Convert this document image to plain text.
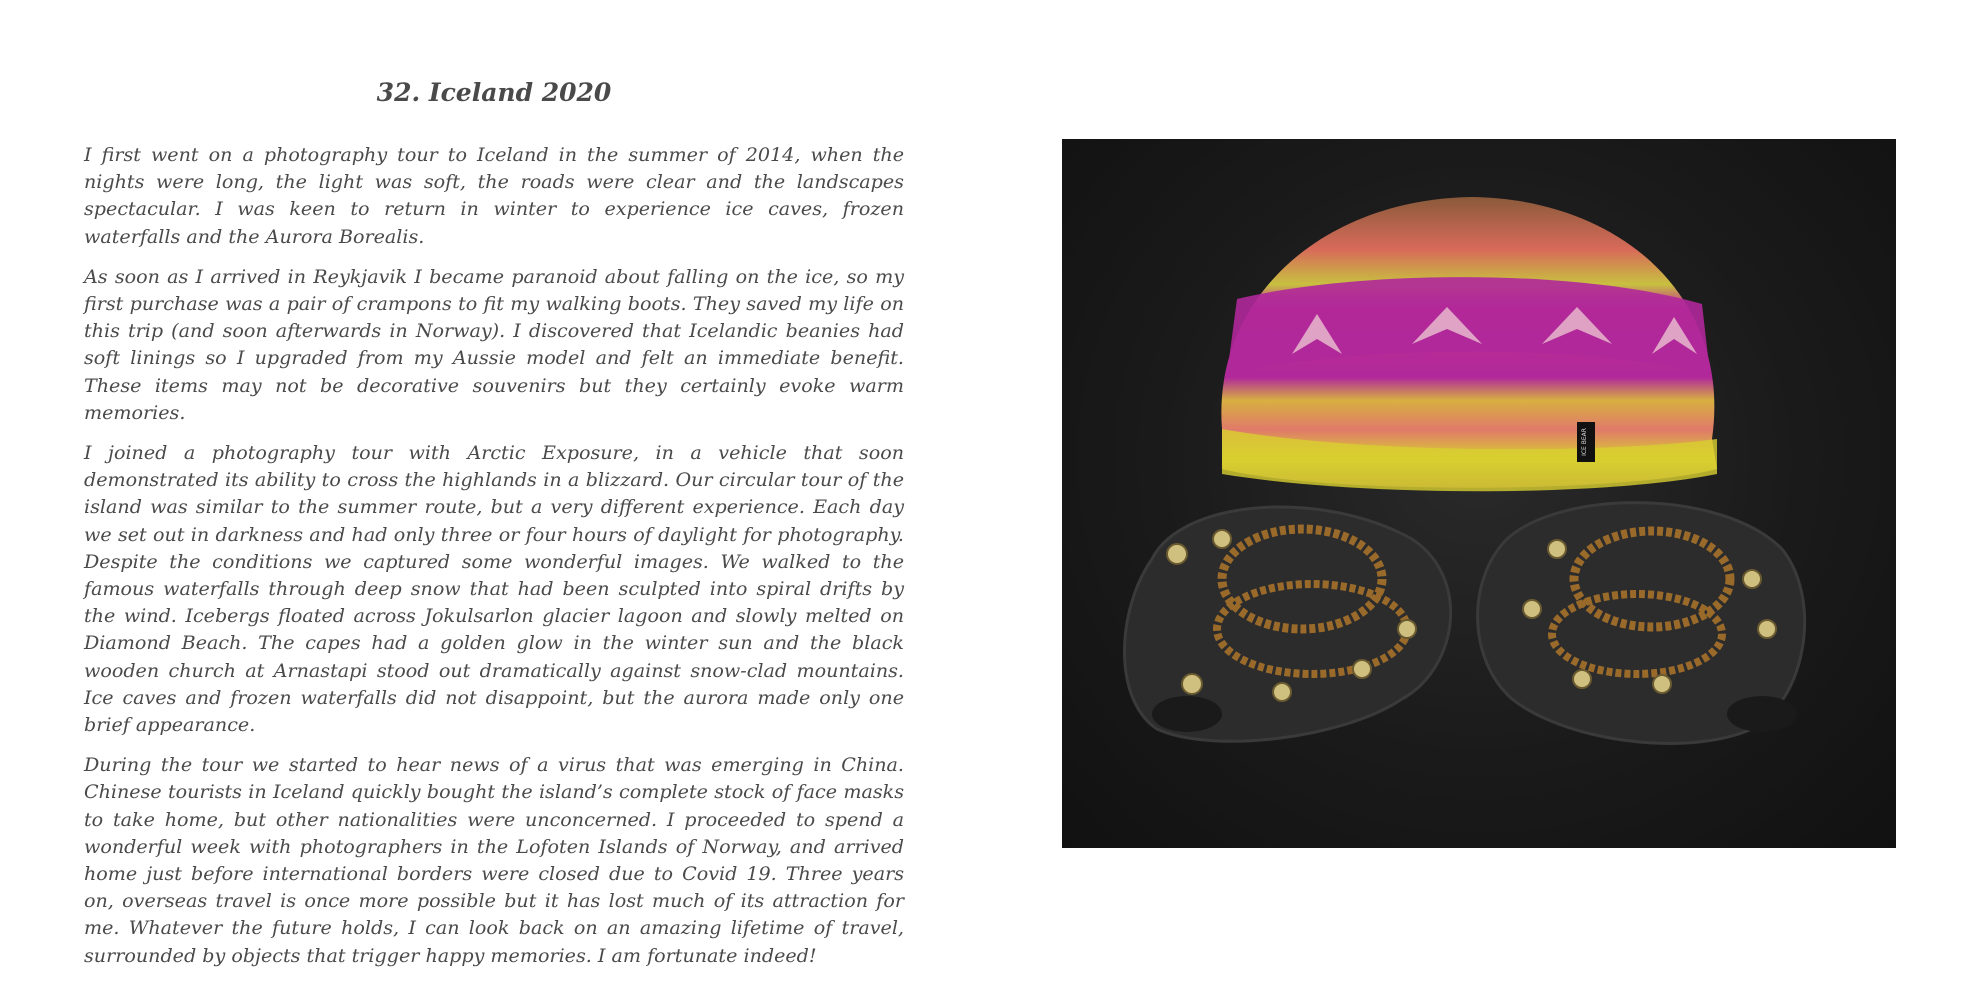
32. Iceland 2020

I first went on a photography tour to Iceland in the summer of 2014, when the nights were long, the light was soft, the roads were clear and the landscapes spectacular. I was keen to return in winter to experience ice caves, frozen waterfalls and the Aurora Borealis.

As soon as I arrived in Reykjavik I became paranoid about falling on the ice, so my first purchase was a pair of crampons to fit my walking boots. They saved my life on this trip (and soon afterwards in Norway). I discovered that Icelandic beanies had soft linings so I upgraded from my Aussie model and felt an immediate benefit. These items may not be decorative souvenirs but they certainly evoke warm memories.

I joined a photography tour with Arctic Exposure, in a vehicle that soon demonstrated its ability to cross the highlands in a blizzard. Our circular tour of the island was similar to the summer route, but a very different experience. Each day we set out in darkness and had only three or four hours of daylight for photography. Despite the conditions we captured some wonderful images. We walked to the famous waterfalls through deep snow that had been sculpted into spiral drifts by the wind. Icebergs floated across Jokulsarlon glacier lagoon and slowly melted on Diamond Beach. The capes had a golden glow in the winter sun and the black wooden church at Arnastapi stood out dramatically against snow-clad mountains. Ice caves and frozen waterfalls did not disappoint, but the aurora made only one brief appearance.

During the tour we started to hear news of a virus that was emerging in China. Chinese tourists in Iceland quickly bought the island’s complete stock of face masks to take home, but other nationalities were unconcerned. I proceeded to spend a wonderful week with photographers in the Lofoten Islands of Norway, and arrived home just before international borders were closed due to Covid 19. Three years on, overseas travel is once more possible but it has lost much of its attraction for me. Whatever the future holds, I can look back on an amazing lifetime of travel, surrounded by objects that trigger happy memories. I am fortunate indeed!

ICE BEAR
